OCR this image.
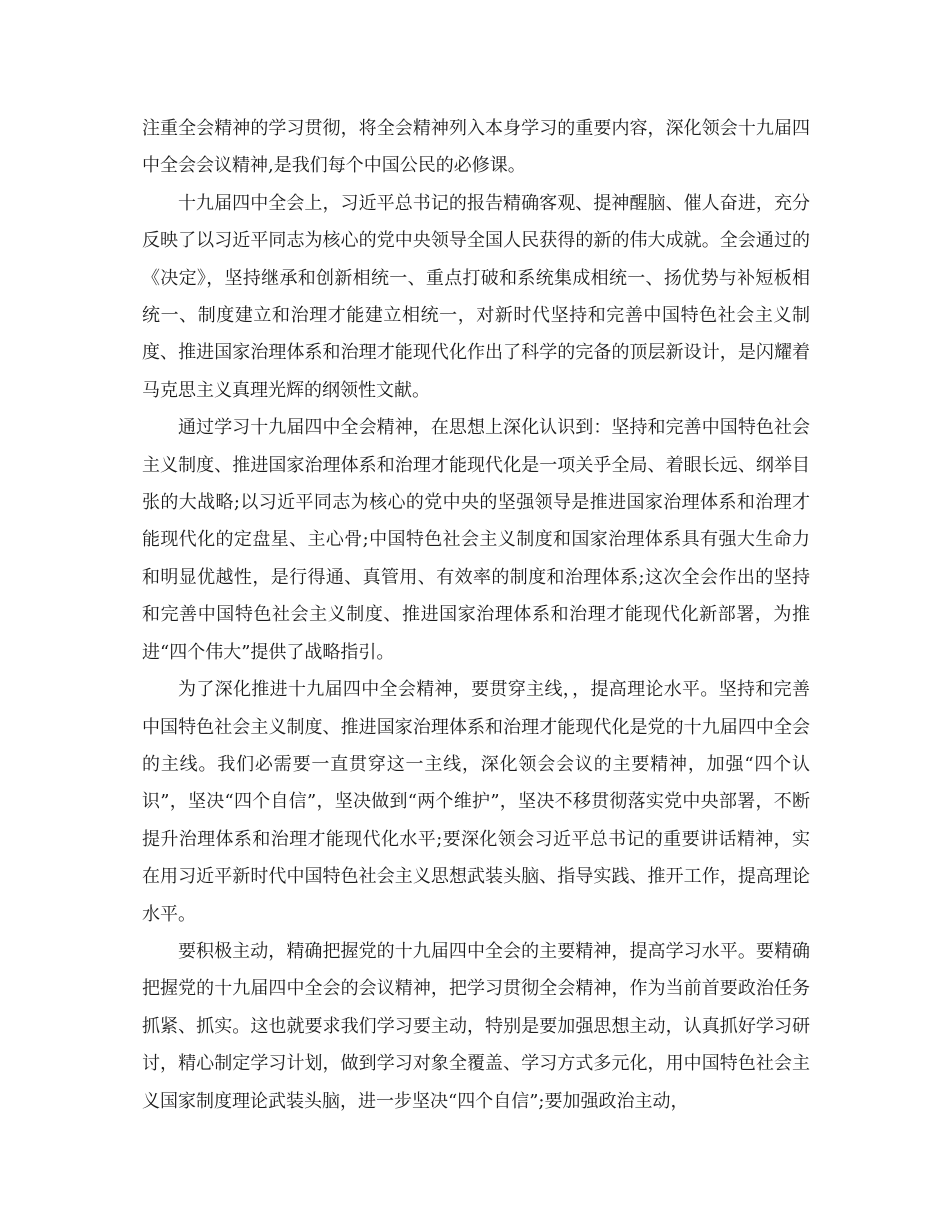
注重全会精神的学习贯彻，将全会精神列入本身学习的重要内容，深化领会十九届四中全会会议精神,是我们每个中国公民的必修课。

十九届四中全会上，习近平总书记的报告精确客观、提神醒脑、催人奋进，充分反映了以习近平同志为核心的党中央领导全国人民获得的新的伟大成就。全会通过的《决定》，坚持继承和创新相统一、重点打破和系统集成相统一、扬优势与补短板相统一、制度建立和治理才能建立相统一，对新时代坚持和完善中国特色社会主义制度、推进国家治理体系和治理才能现代化作出了科学的完备的顶层新设计，是闪耀着马克思主义真理光辉的纲领性文献。

通过学习十九届四中全会精神，在思想上深化认识到：坚持和完善中国特色社会主义制度、推进国家治理体系和治理才能现代化是一项关乎全局、着眼长远、纲举目张的大战略;以习近平同志为核心的党中央的坚强领导是推进国家治理体系和治理才能现代化的定盘星、主心骨;中国特色社会主义制度和国家治理体系具有强大生命力和明显优越性，是行得通、真管用、有效率的制度和治理体系;这次全会作出的坚持和完善中国特色社会主义制度、推进国家治理体系和治理才能现代化新部署，为推进“四个伟大”提供了战略指引。

为了深化推进十九届四中全会精神，要贯穿主线，，提高理论水平。坚持和完善中国特色社会主义制度、推进国家治理体系和治理才能现代化是党的十九届四中全会的主线。我们必需要一直贯穿这一主线，深化领会会议的主要精神，加强“四个认识”，坚决“四个自信”，坚决做到“两个维护”，坚决不移贯彻落实党中央部署，不断提升治理体系和治理才能现代化水平;要深化领会习近平总书记的重要讲话精神，实在用习近平新时代中国特色社会主义思想武装头脑、指导实践、推开工作，提高理论水平。

要积极主动，精确把握党的十九届四中全会的主要精神，提高学习水平。要精确把握党的十九届四中全会的会议精神，把学习贯彻全会精神，作为当前首要政治任务抓紧、抓实。这也就要求我们学习要主动，特别是要加强思想主动，认真抓好学习研讨，精心制定学习计划，做到学习对象全覆盖、学习方式多元化，用中国特色社会主义国家制度理论武装头脑，进一步坚决“四个自信”;要加强政治主动，
